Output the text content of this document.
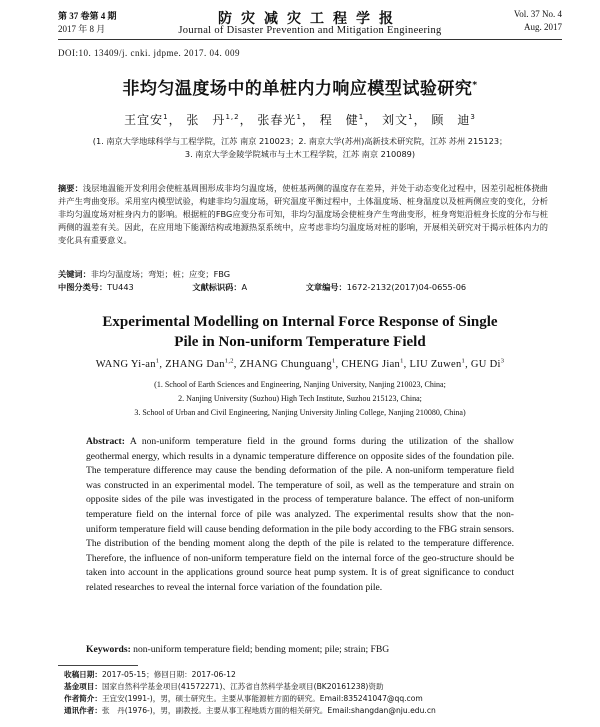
第 37 卷第 4 期
2017 年 8 月
防灾减灾工程学报
Journal of Disaster Prevention and Mitigation Engineering
Vol. 37 No. 4
Aug. 2017
DOI:10. 13409/j. cnki. jdpme. 2017. 04. 009
非均匀温度场中的单桩内力响应模型试验研究*
王宜安$^1$， 张　丹$^{1,2}$， 张春光$^1$， 程　健$^1$， 刘文$^1$， 顾　迪$^3$
(1. 南京大学地球科学与工程学院，江苏 南京 210023；2. 南京大学(苏州)高新技术研究院，江苏 苏州 215123；
3. 南京大学金陵学院城市与土木工程学院，江苏 南京 210089)
摘要：浅层地温能开发利用会使桩基周围形成非均匀温度场，使桩基两侧的温度存在差异，并处于动态变化过程中，因差引起桩体挠曲并产生弯曲变形。采用室内模型试验，构建非均匀温度场，研究温度平衡过程中，土体温度场、桩身温度以及桩两侧应变的变化，分析非均匀温度场对桩身内力的影响。根据桩的FBG应变分布可知，非均匀温度场会使桩身产生弯曲变形，桩身弯矩沿桩身长度的分布与桩两侧的温差有关。因此，在应用地下能源结构或地源热泵系统中，应考虑非均匀温度场对桩的影响，开展相关研究对于揭示桩体内力的变化具有重要意义。
关键词：非均匀温度场；弯矩；桩；应变；FBG
中图分类号：TU443	文献标识码：A	文章编号：1672-2132(2017)04-0655-06
Experimental Modelling on Internal Force Response of Single
Pile in Non-uniform Temperature Field
WANG $Yi-an^1$, ZHANG Dan$^{1,2}$, ZHANG Chunguang$^1$, CHENG Jian$^1$, LIU Zuwen$^1$, GU Di$^3$
(1. School of Earth Sciences and Engineering, Nanjing University, Nanjing 210023, China;
2. Nanjing University (Suzhou) High Tech Institute, Suzhou 215123, China;
3. School of Urban and Civil Engineering, Nanjing University Jinling College, Nanjing 210080, China)
Abstract: A non-uniform temperature field in the ground forms during the utilization of the shallow geothermal energy, which results in a dynamic temperature difference on opposite sides of the foundation pile. The temperature difference may cause the bending deformation of the pile. A non-uniform temperature field was constructed in an experimental model. The temperature of soil, as well as the temperature and strain on opposite sides of the pile was investigated in the process of temperature balance. The effect of non-uniform temperature field on the internal force of pile was analyzed. The experimental results show that the non-uniform temperature field will cause bending deformation in the pile body according to the FBG strain sensors. The distribution of the bending moment along the depth of the pile is related to the temperature difference. Therefore, the influence of non-uniform temperature field on the internal force of the geo-structure should be taken into account in the applications ground source heat pump system. It is of great significance to conduct related researches to reveal the internal force variation of the foundation pile.
Keywords: non-uniform temperature field; bending moment; pile; strain; FBG
收稿日期：2017-05-15；修回日期：2017-06-12
基金项目：国家自然科学基金项目(41572271)、江苏省自然科学基金项目(BK20161238)资助
作者简介：王宜安(1991-)，男，硕士研究生。主要从事能源桩方面的研究。Email:835241047@qq.com
通讯作者：张　丹(1976-)，男，副教授。主要从事工程地质方面的相关研究。Email:shangdan@nju.edu.cn
